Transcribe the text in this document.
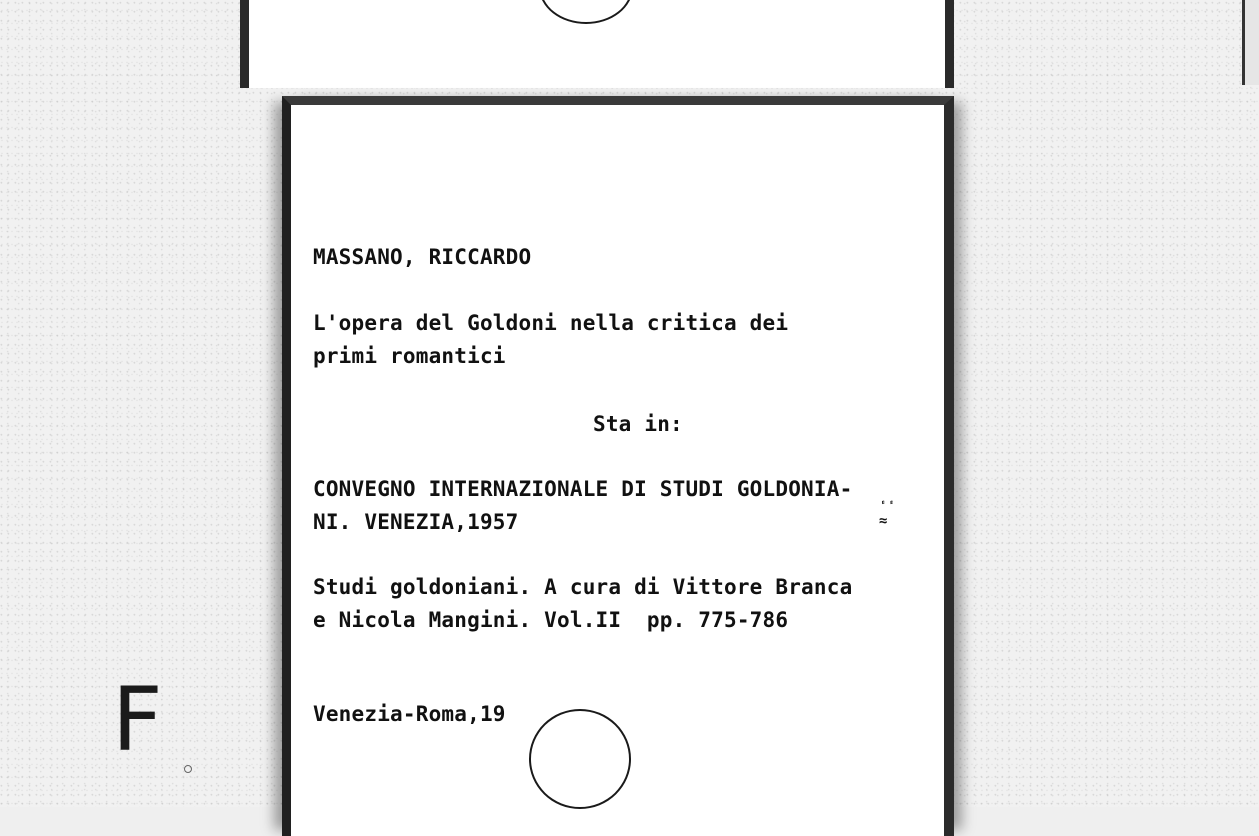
MASSANO, RICCARDO
L'opera del Goldoni nella critica dei
primi romantici
Sta in:
CONVEGNO INTERNAZIONALE DI STUDI GOLDONIA-
NI. VENEZIA,1957
ٴٴ
≈
Studi goldoniani. A cura di Vittore Branca
e Nicola Mangini. Vol.II  pp. 775-786
Venezia-Roma,19
F
